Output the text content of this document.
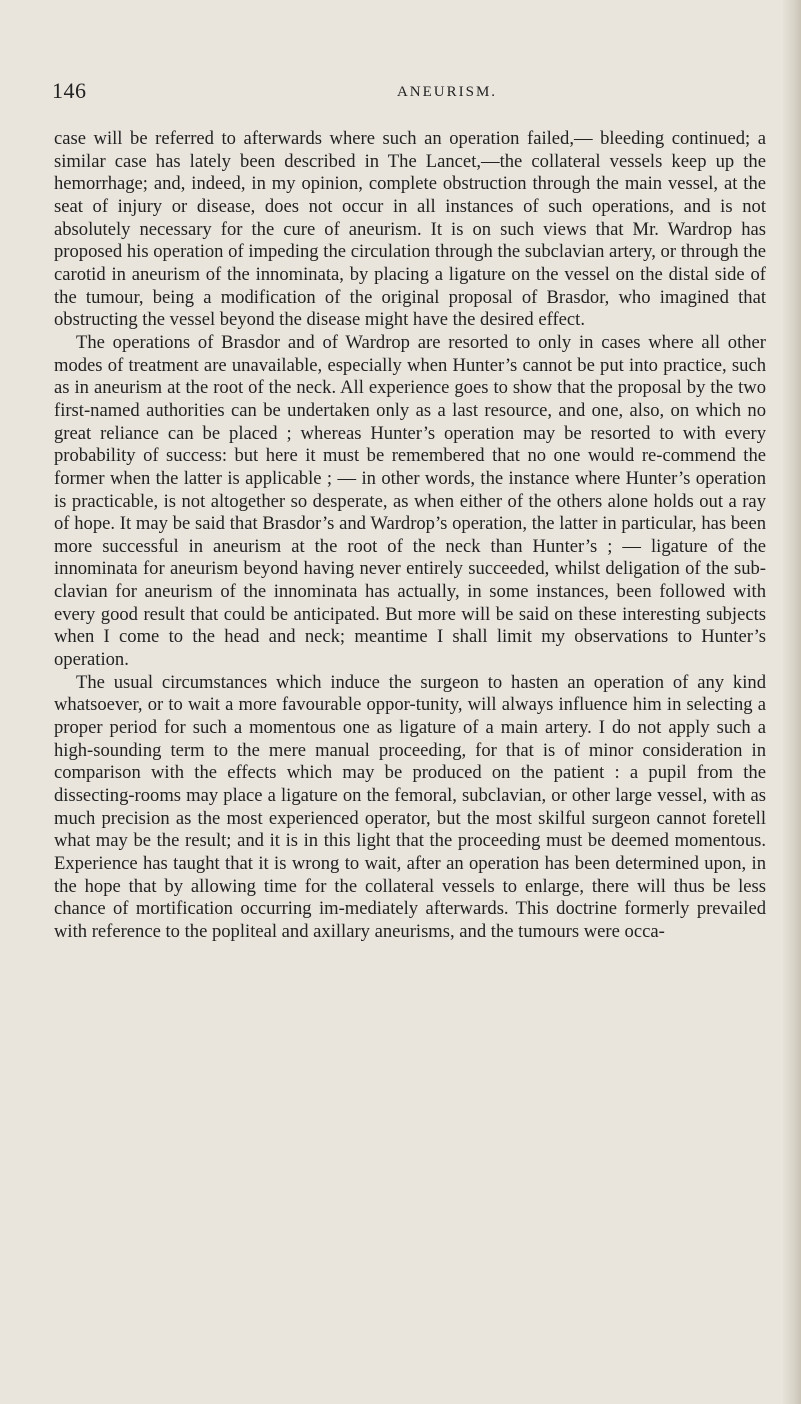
146	ANEURISM.

case will be referred to afterwards where such an operation failed,— bleeding continued; a similar case has lately been described in The Lancet,—the collateral vessels keep up the hemorrhage; and, indeed, in my opinion, complete obstruction through the main vessel, at the seat of injury or disease, does not occur in all instances of such operations, and is not absolutely necessary for the cure of aneurism. It is on such views that Mr. Wardrop has proposed his operation of impeding the circulation through the subclavian artery, or through the carotid in aneurism of the innominata, by placing a ligature on the vessel on the distal side of the tumour, being a modification of the original proposal of Brasdor, who imagined that obstructing the vessel beyond the disease might have the desired effect.

The operations of Brasdor and of Wardrop are resorted to only in cases where all other modes of treatment are unavailable, especially when Hunter’s cannot be put into practice, such as in aneurism at the root of the neck. All experience goes to show that the proposal by the two first-named authorities can be undertaken only as a last resource, and one, also, on which no great reliance can be placed ; whereas Hunter’s operation may be resorted to with every probability of success: but here it must be remembered that no one would re-commend the former when the latter is applicable ; — in other words, the instance where Hunter’s operation is practicable, is not altogether so desperate, as when either of the others alone holds out a ray of hope. It may be said that Brasdor’s and Wardrop’s operation, the latter in particular, has been more successful in aneurism at the root of the neck than Hunter’s ; — ligature of the innominata for aneurism beyond having never entirely succeeded, whilst deligation of the sub-clavian for aneurism of the innominata has actually, in some instances, been followed with every good result that could be anticipated. But more will be said on these interesting subjects when I come to the head and neck; meantime I shall limit my observations to Hunter’s operation.

The usual circumstances which induce the surgeon to hasten an operation of any kind whatsoever, or to wait a more favourable oppor-tunity, will always influence him in selecting a proper period for such a momentous one as ligature of a main artery. I do not apply such a high-sounding term to the mere manual proceeding, for that is of minor consideration in comparison with the effects which may be produced on the patient : a pupil from the dissecting-rooms may place a ligature on the femoral, subclavian, or other large vessel, with as much precision as the most experienced operator, but the most skilful surgeon cannot foretell what may be the result; and it is in this light that the proceeding must be deemed momentous. Experience has taught that it is wrong to wait, after an operation has been determined upon, in the hope that by allowing time for the collateral vessels to enlarge, there will thus be less chance of mortification occurring im-mediately afterwards. This doctrine formerly prevailed with reference to the popliteal and axillary aneurisms, and the tumours were occa-
